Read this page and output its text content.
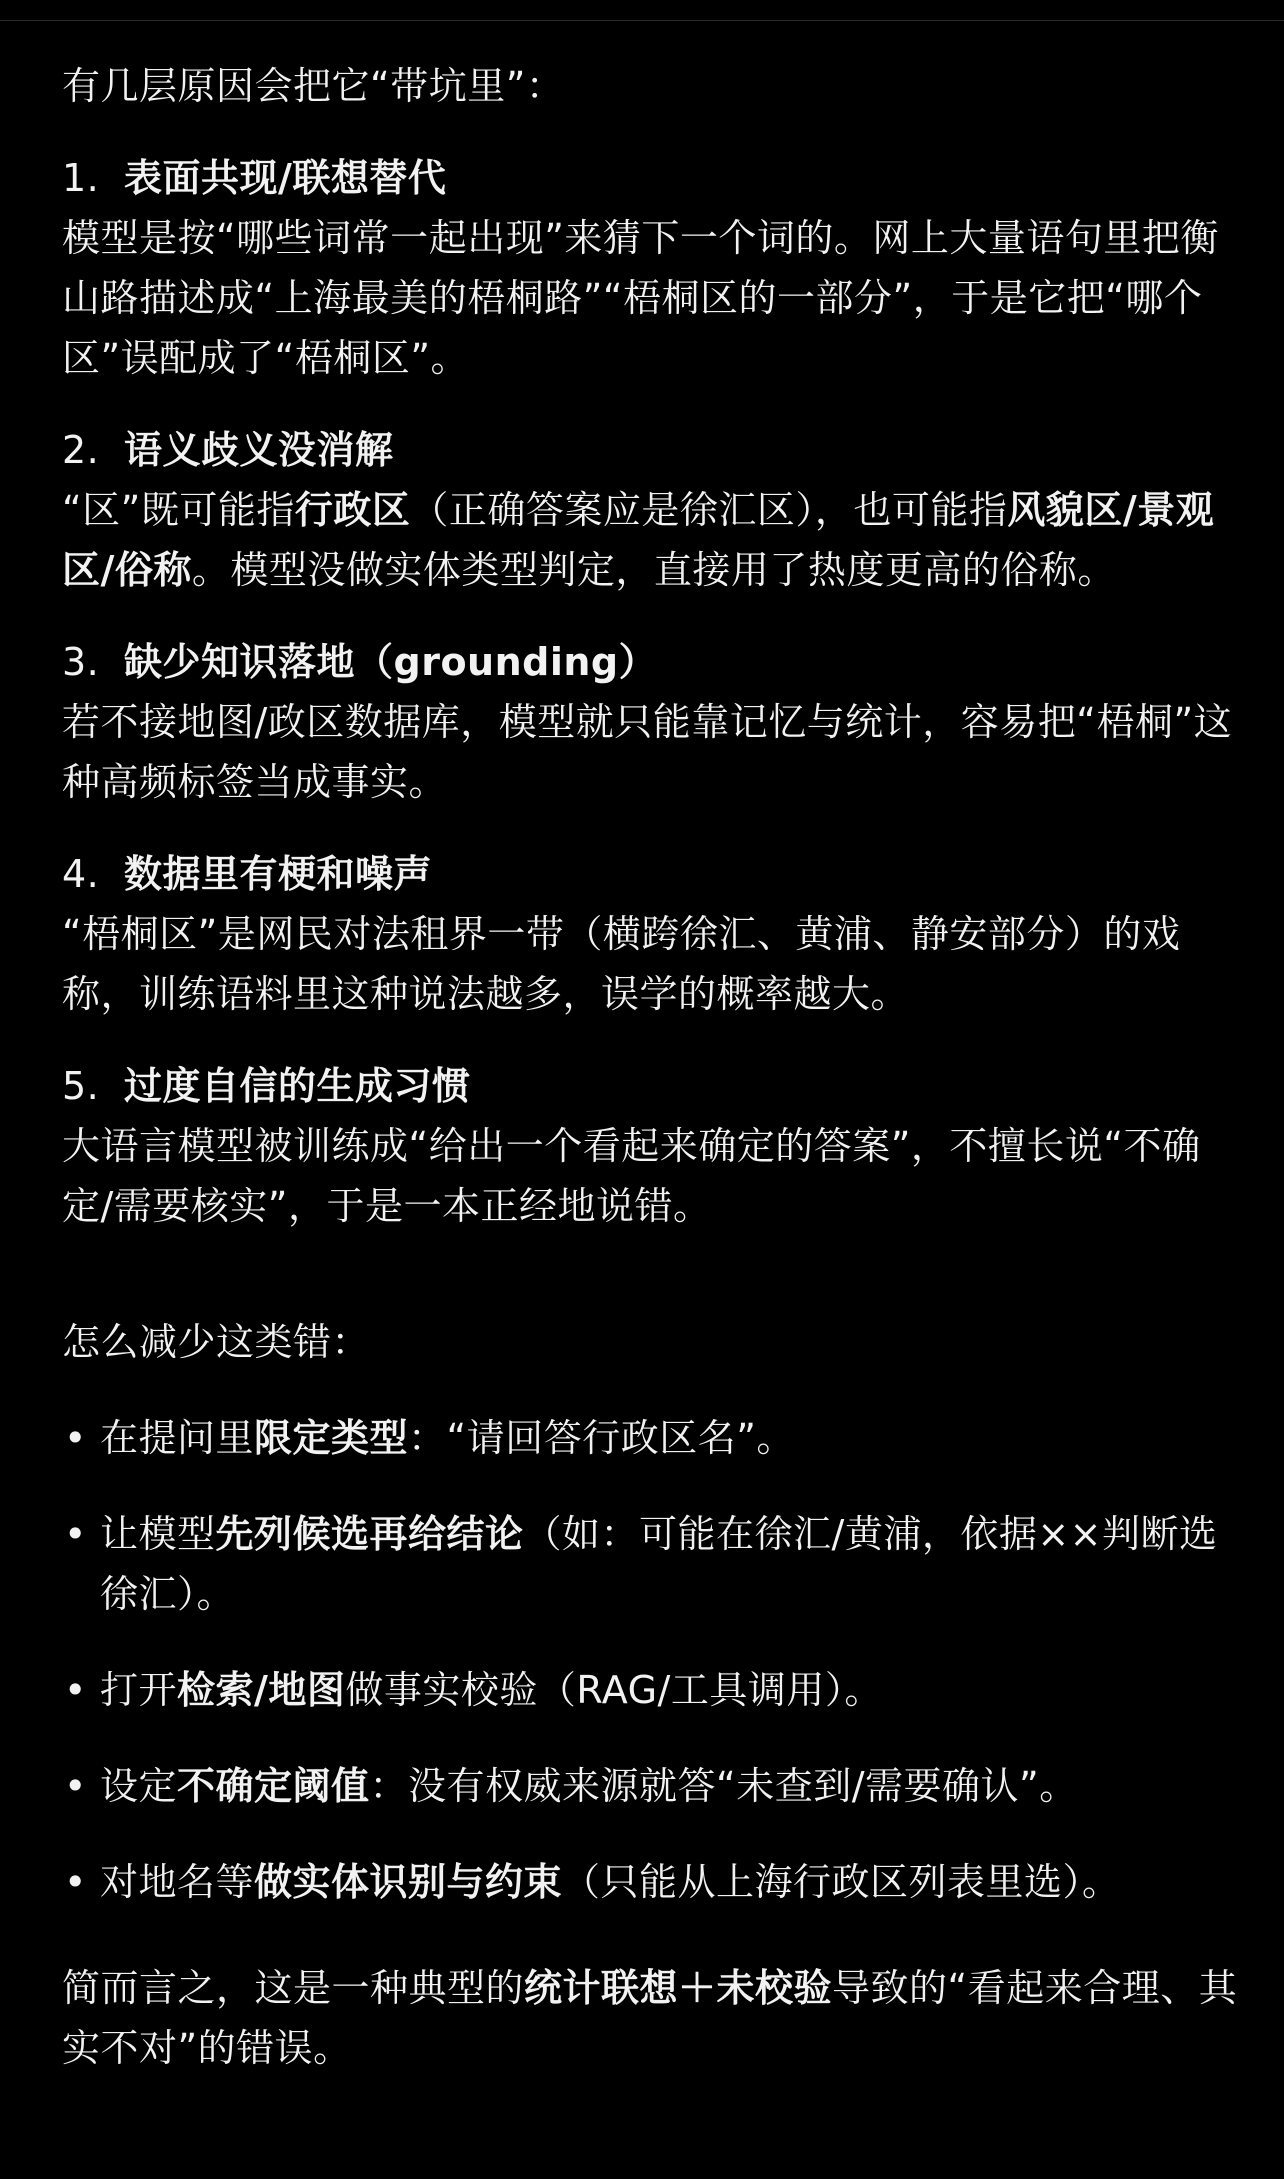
有几层原因会把它“带坑里”：

1. 表面共现/联想替代
模型是按“哪些词常一起出现”来猜下一个词的。网上大量语句里把衡山路描述成“上海最美的梧桐路”“梧桐区的一部分”，于是它把“哪个区”误配成了“梧桐区”。
2. 语义歧义没消解
“区”既可能指行政区（正确答案应是徐汇区），也可能指风貌区/景观区/俗称。模型没做实体类型判定，直接用了热度更高的俗称。
3. 缺少知识落地（grounding）
若不接地图/政区数据库，模型就只能靠记忆与统计，容易把“梧桐”这种高频标签当成事实。
4. 数据里有梗和噪声
“梧桐区”是网民对法租界一带（横跨徐汇、黄浦、静安部分）的戏称，训练语料里这种说法越多，误学的概率越大。
5. 过度自信的生成习惯
大语言模型被训练成“给出一个看起来确定的答案”，不擅长说“不确定/需要核实”，于是一本正经地说错。

怎么减少这类错：

• 在提问里限定类型：“请回答行政区名”。
• 让模型先列候选再给结论（如：可能在徐汇/黄浦，依据××判断选徐汇）。
• 打开检索/地图做事实校验（RAG/工具调用）。
• 设定不确定阈值：没有权威来源就答“未查到/需要确认”。
• 对地名等做实体识别与约束（只能从上海行政区列表里选）。

简而言之，这是一种典型的统计联想＋未校验导致的“看起来合理、其实不对”的错误。
